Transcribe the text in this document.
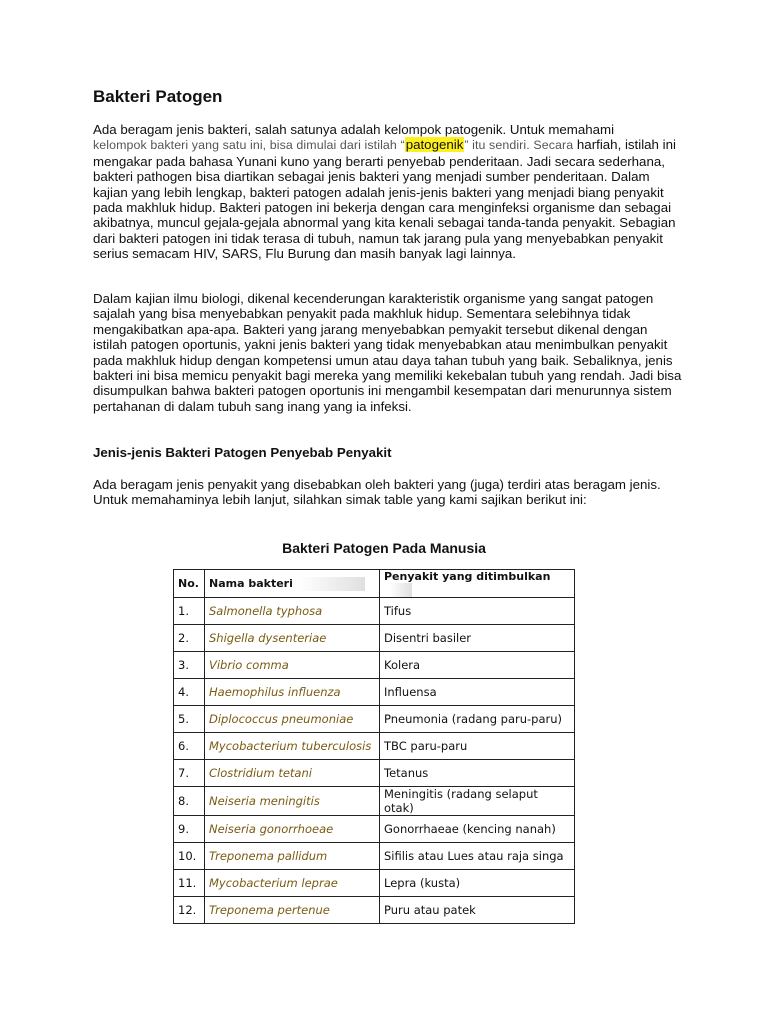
Bakteri Patogen

Ada beragam jenis bakteri, salah satunya adalah kelompok patogenik. Untuk memahami
kelompok bakteri yang satu ini, bisa dimulai dari istilah “patogenik” itu sendiri. Secara harfiah, istilah ini mengakar pada bahasa Yunani kuno yang berarti penyebab penderitaan. Jadi secara sederhana, bakteri pathogen bisa diartikan sebagai jenis bakteri yang menjadi sumber penderitaan. Dalam kajian yang lebih lengkap, bakteri patogen adalah jenis-jenis bakteri yang menjadi biang penyakit pada makhluk hidup. Bakteri patogen ini bekerja dengan cara menginfeksi organisme dan sebagai akibatnya, muncul gejala-gejala abnormal yang kita kenali sebagai tanda-tanda penyakit. Sebagian dari bakteri patogen ini tidak terasa di tubuh, namun tak jarang pula yang menyebabkan penyakit serius semacam HIV, SARS, Flu Burung dan masih banyak lagi lainnya.

Dalam kajian ilmu biologi, dikenal kecenderungan karakteristik organisme yang sangat patogen sajalah yang bisa menyebabkan penyakit pada makhluk hidup. Sementara selebihnya tidak mengakibatkan apa-apa. Bakteri yang jarang menyebabkan pemyakit tersebut dikenal dengan istilah patogen oportunis, yakni jenis bakteri yang tidak menyebabkan atau menimbulkan penyakit pada makhluk hidup dengan kompetensi umun atau daya tahan tubuh yang baik. Sebaliknya, jenis bakteri ini bisa memicu penyakit bagi mereka yang memiliki kekebalan tubuh yang rendah. Jadi bisa disumpulkan bahwa bakteri patogen oportunis ini mengambil kesempatan dari menurunnya sistem pertahanan di dalam tubuh sang inang yang ia infeksi.

Jenis-jenis Bakteri Patogen Penyebab Penyakit

Ada beragam jenis penyakit yang disebabkan oleh bakteri yang (juga) terdiri atas beragam jenis. Untuk memahaminya lebih lanjut, silahkan simak table yang kami sajikan berikut ini:

Bakteri Patogen Pada Manusia
No.	Nama bakteri	Penyakit yang ditimbulkan
1.	Salmonella typhosa	Tifus
2.	Shigella dysenteriae	Disentri basiler
3.	Vibrio comma	Kolera
4.	Haemophilus influenza	Influensa
5.	Diplococcus pneumoniae	Pneumonia (radang paru-paru)
6.	Mycobacterium tuberculosis	TBC paru-paru
7.	Clostridium tetani	Tetanus
8.	Neiseria meningitis	Meningitis (radang selaput otak)
9.	Neiseria gonorrhoeae	Gonorrhaeae (kencing nanah)
10.	Treponema pallidum	Sifilis atau Lues atau raja singa
11.	Mycobacterium leprae	Lepra (kusta)
12.	Treponema pertenue	Puru atau patek
